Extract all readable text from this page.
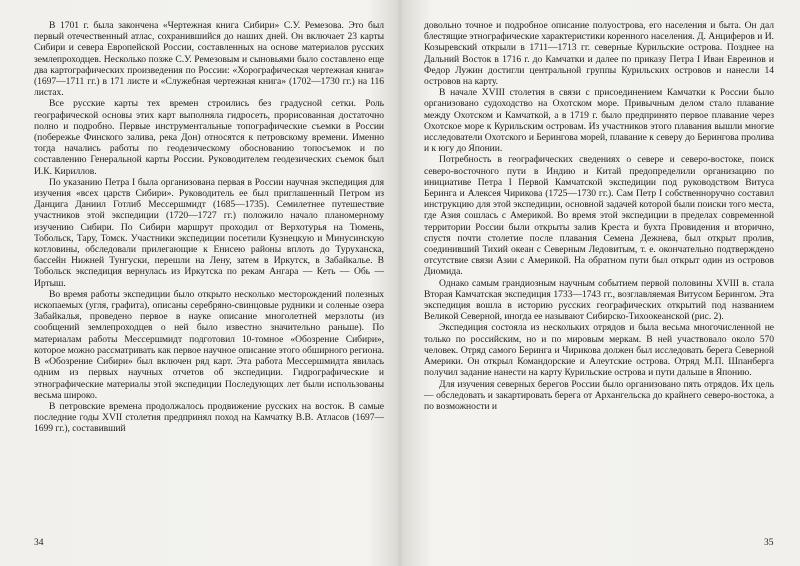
В 1701 г. была закончена «Чертежная книга Сибири» С.У. Ремезова. Это был первый отечественный атлас, сохранившийся до наших дней. Он включает 23 карты Сибири и севера Европейской России, составленных на основе материалов русских землепроходцев. Несколько позже С.У. Ремезовым и сыновьями было составлено еще два картографических произведения по России: «Хорографическая чертежная книга» (1697—1711 гг.) в 171 листе и «Служебная чертежная книга» (1702—1730 гг.) на 116 листах.

Все русские карты тех времен строились без градусной сетки. Роль географической основы этих карт выполняла гидросеть, прорисованная достаточно полно и подробно. Первые инструментальные топографические съемки в России (побережье Финского залива, река Дон) относятся к петровскому времени. Именно тогда начались работы по геодезическому обоснованию топосъемок и по составлению Генеральной карты России. Руководителем геодезических съемок был И.К. Кириллов.

По указанию Петра I была организована первая в России научная экспедиция для изучения «всех царств Сибири». Руководитель ее был приглашенный Петром из Данцига Даниил Готлиб Мессершмидт (1685—1735). Семилетнее путешествие участников этой экспедиции (1720—1727 гг.) положило начало планомерному изучению Сибири. По Сибири маршрут проходил от Верхотурья на Тюмень, Тобольск, Тару, Томск. Участники экспедиции посетили Кузнецкую и Минусинскую котловины, обследовали прилегающие к Енисею районы вплоть до Туруханска, бассейн Нижней Тунгуски, перешли на Лену, затем в Иркутск, в Забайкалье. В Тобольск экспедиция вернулась из Иркутска по рекам Ангара — Кеть — Обь — Иртыш.

Во время работы экспедиции было открыто несколько месторождений полезных ископаемых (угля, графита), описаны серебряно-свинцовые рудники и соленые озера Забайкалья, проведено первое в науке описание многолетней мерзлоты (из сообщений землепроходцев о ней было известно значительно раньше). По материалам работы Мессершмидт подготовил 10-томное «Обозрение Сибири», которое можно рассматривать как первое научное описание этого обширного региона. В «Обозрение Сибири» был включен ряд карт. Эта работа Мессершмидта явилась одним из первых научных отчетов об экспедиции. Гидрографические и этнографические материалы этой экспедиции Последующих лет были использованы весьма широко.

В петровские времена продолжалось продвижение русских на восток. В самые последние годы XVII столетия предпринял поход на Камчатку В.В. Атласов (1697—1699 гг.), составивший

34

довольно точное и подробное описание полуострова, его населения и быта. Он дал блестящие этнографические характеристики коренного населения. Д. Анциферов и И. Козыревский открыли в 1711—1713 гг. северные Курильские острова. Позднее на Дальний Восток в 1716 г. до Камчатки и далее по приказу Петра I Иван Евреинов и Федор Лужин достигли центральной группы Курильских островов и нанесли 14 островов на карту.

В начале XVIII столетия в связи с присоединением Камчатки к России было организовано судоходство на Охотском море. Привычным делом стало плавание между Охотском и Камчаткой, а в 1719 г. было предпринято первое плавание через Охотское море к Курильским островам. Из участников этого плавания вышли многие исследователи Охотского и Берингова морей, плавание к северу до Берингова пролива и к югу до Японии.

Потребность в географических сведениях о севере и северо-востоке, поиск северо-восточного пути в Индию и Китай предопределили организацию по инициативе Петра I Первой Камчатской экспедиции под руководством Витуса Беринга и Алексея Чирикова (1725—1730 гг.). Сам Петр I собственноручно составил инструкцию для этой экспедиции, основной задачей которой были поиски того места, где Азия сошлась с Америкой. Во время этой экспедиции в пределах современной территории России были открыты залив Креста и бухта Провидения и вторично, спустя почти столетие после плавания Семена Дежнева, был открыт пролив, соединивший Тихий океан с Северным Ледовитым, т. е. окончательно подтверждено отсутствие связи Азии с Америкой. На обратном пути был открыт один из островов Диомида.

Однако самым грандиозным научным событием первой половины XVIII в. стала Вторая Камчатская экспедиция 1733—1743 гг., возглавляемая Витусом Берингом. Эта экспедиция вошла в историю русских географических открытий под названием Великой Северной, иногда ее называют Сибирско-Тихоокеанской (рис. 2).

Экспедиция состояла из нескольких отрядов и была весьма многочисленной не только по российским, но и по мировым меркам. В ней участвовало около 570 человек. Отряд самого Беринга и Чирикова должен был исследовать берега Северной Америки. Он открыл Командорские и Алеутские острова. Отряд М.П. Шпанберга получил задание нанести на карту Курильские острова и пути дальше в Японию.

Для изучения северных берегов России было организовано пять отрядов. Их цель — обследовать и закартировать берега от Архангельска до крайнего северо-востока, а по возможности и

35
